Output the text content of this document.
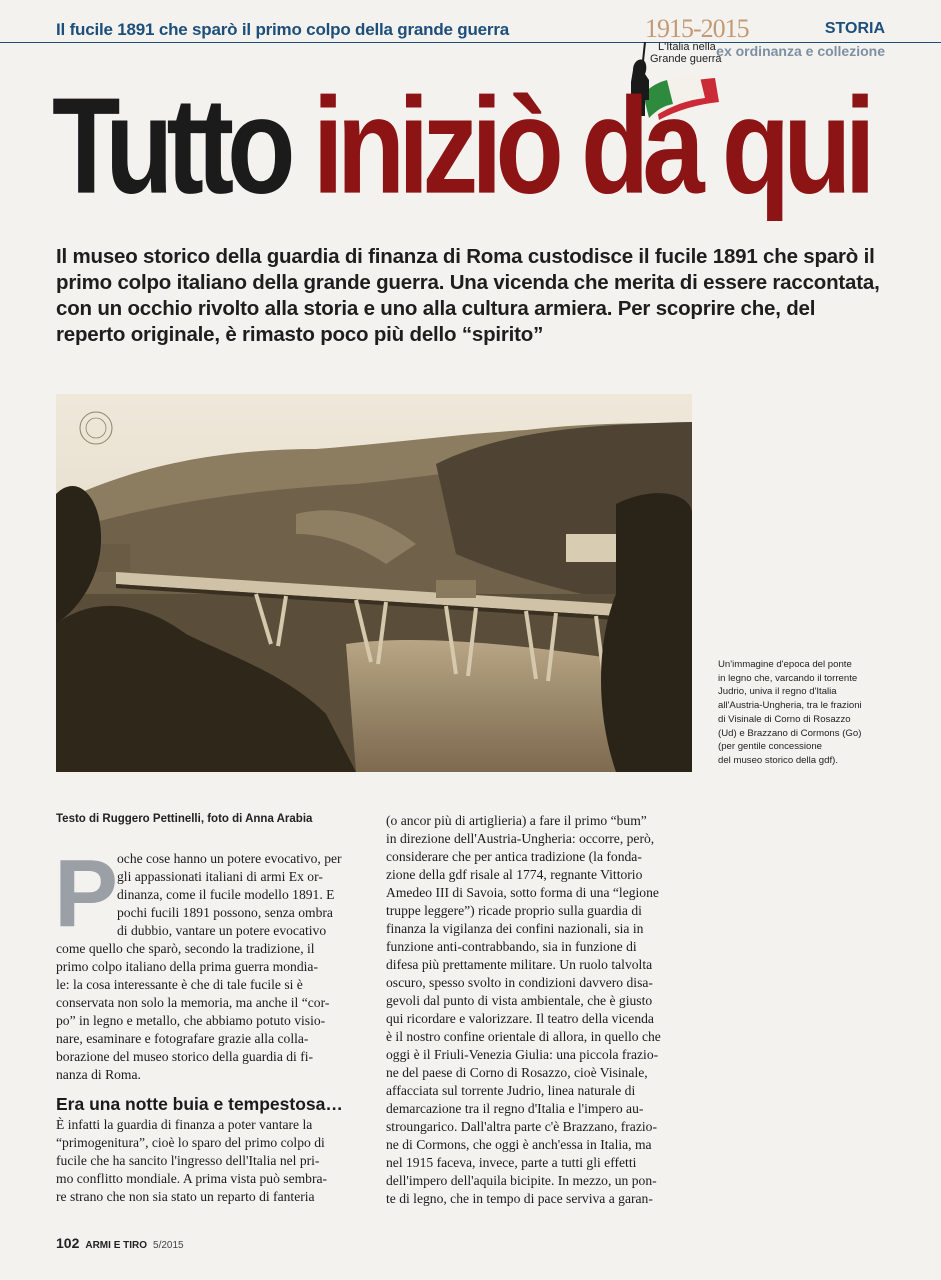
Il fucile 1891 che sparò il primo colpo della grande guerra	1915-2015
L'Italia nella
Grande guerra
STORIA
ex ordinanza e collezione
Tutto iniziò da qui

Il museo storico della guardia di finanza di Roma custodisce il fucile 1891 che sparò il primo colpo italiano della grande guerra. Una vicenda che merita di essere raccontata, con un occhio rivolto alla storia e uno alla cultura armiera. Per scoprire che, del reperto originale, è rimasto poco più dello “spirito”

Un'immagine d'epoca del ponte

in legno che, varcando il torrente

Judrio, univa il regno d'Italia

all'Austria-Ungheria, tra le frazioni

di Visinale di Corno di Rosazzo

(Ud) e Brazzano di Cormons (Go)

(per gentile concessione

del museo storico della gdf).

Testo di Ruggero Pettinelli, foto di Anna Arabia
P

oche cose hanno un potere evocativo, per

gli appassionati italiani di armi Ex or-

dinanza, come il fucile modello 1891. E

pochi fucili 1891 possono, senza ombra

di dubbio, vantare un potere evocativo

come quello che sparò, secondo la tradizione, il

primo colpo italiano della prima guerra mondia-

le: la cosa interessante è che di tale fucile si è

conservata non solo la memoria, ma anche il “cor-

po” in legno e metallo, che abbiamo potuto visio-

nare, esaminare e fotografare grazie alla colla-

borazione del museo storico della guardia di fi-

nanza di Roma.

È infatti la guardia di finanza a poter vantare la

“primogenitura”, cioè lo sparo del primo colpo di

fucile che ha sancito l'ingresso dell'Italia nel pri-

mo conflitto mondiale. A prima vista può sembra-

re strano che non sia stato un reparto di fanteria

Era una notte buia e tempestosa…

(o ancor più di artiglieria) a fare il primo “bum”

in direzione dell'Austria-Ungheria: occorre, però,

considerare che per antica tradizione (la fonda-

zione della gdf risale al 1774, regnante Vittorio

Amedeo III di Savoia, sotto forma di una “legione

truppe leggere”) ricade proprio sulla guardia di

finanza la vigilanza dei confini nazionali, sia in

funzione anti-contrabbando, sia in funzione di

difesa più prettamente militare. Un ruolo talvolta

oscuro, spesso svolto in condizioni davvero disa-

gevoli dal punto di vista ambientale, che è giusto

qui ricordare e valorizzare. Il teatro della vicenda

è il nostro confine orientale di allora, in quello che

oggi è il Friuli-Venezia Giulia: una piccola frazio-

ne del paese di Corno di Rosazzo, cioè Visinale,

affacciata sul torrente Judrio, linea naturale di

demarcazione tra il regno d'Italia e l'impero au-

stroungarico. Dall'altra parte c'è Brazzano, frazio-

ne di Cormons, che oggi è anch'essa in Italia, ma

nel 1915 faceva, invece, parte a tutti gli effetti

dell'impero dell'aquila bicipite. In mezzo, un pon-

te di legno, che in tempo di pace serviva a garan-

102 ARMI E TIRO 5/2015
